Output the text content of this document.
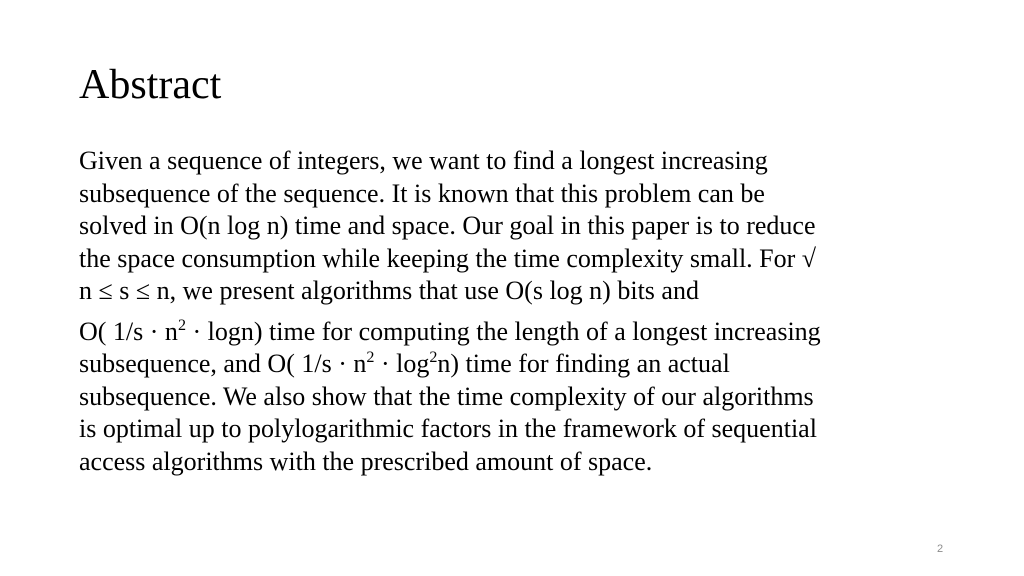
Abstract

Given a sequence of integers, we want to find a longest increasing
subsequence of the sequence. It is known that this problem can be
solved in O(n log n) time and space. Our goal in this paper is to reduce
the space consumption while keeping the time complexity small. For √
n ≤ s ≤ n, we present algorithms that use O(s log n) bits and

O( $1/s \cdot n^2 \cdot \log n$) time for computing the length of a longest increasing
subsequence, and O( $1/s \cdot n^2 \cdot \log^2n$) time for finding an actual
subsequence. We also show that the time complexity of our algorithms
is optimal up to polylogarithmic factors in the framework of sequential
access algorithms with the prescribed amount of space.

2
